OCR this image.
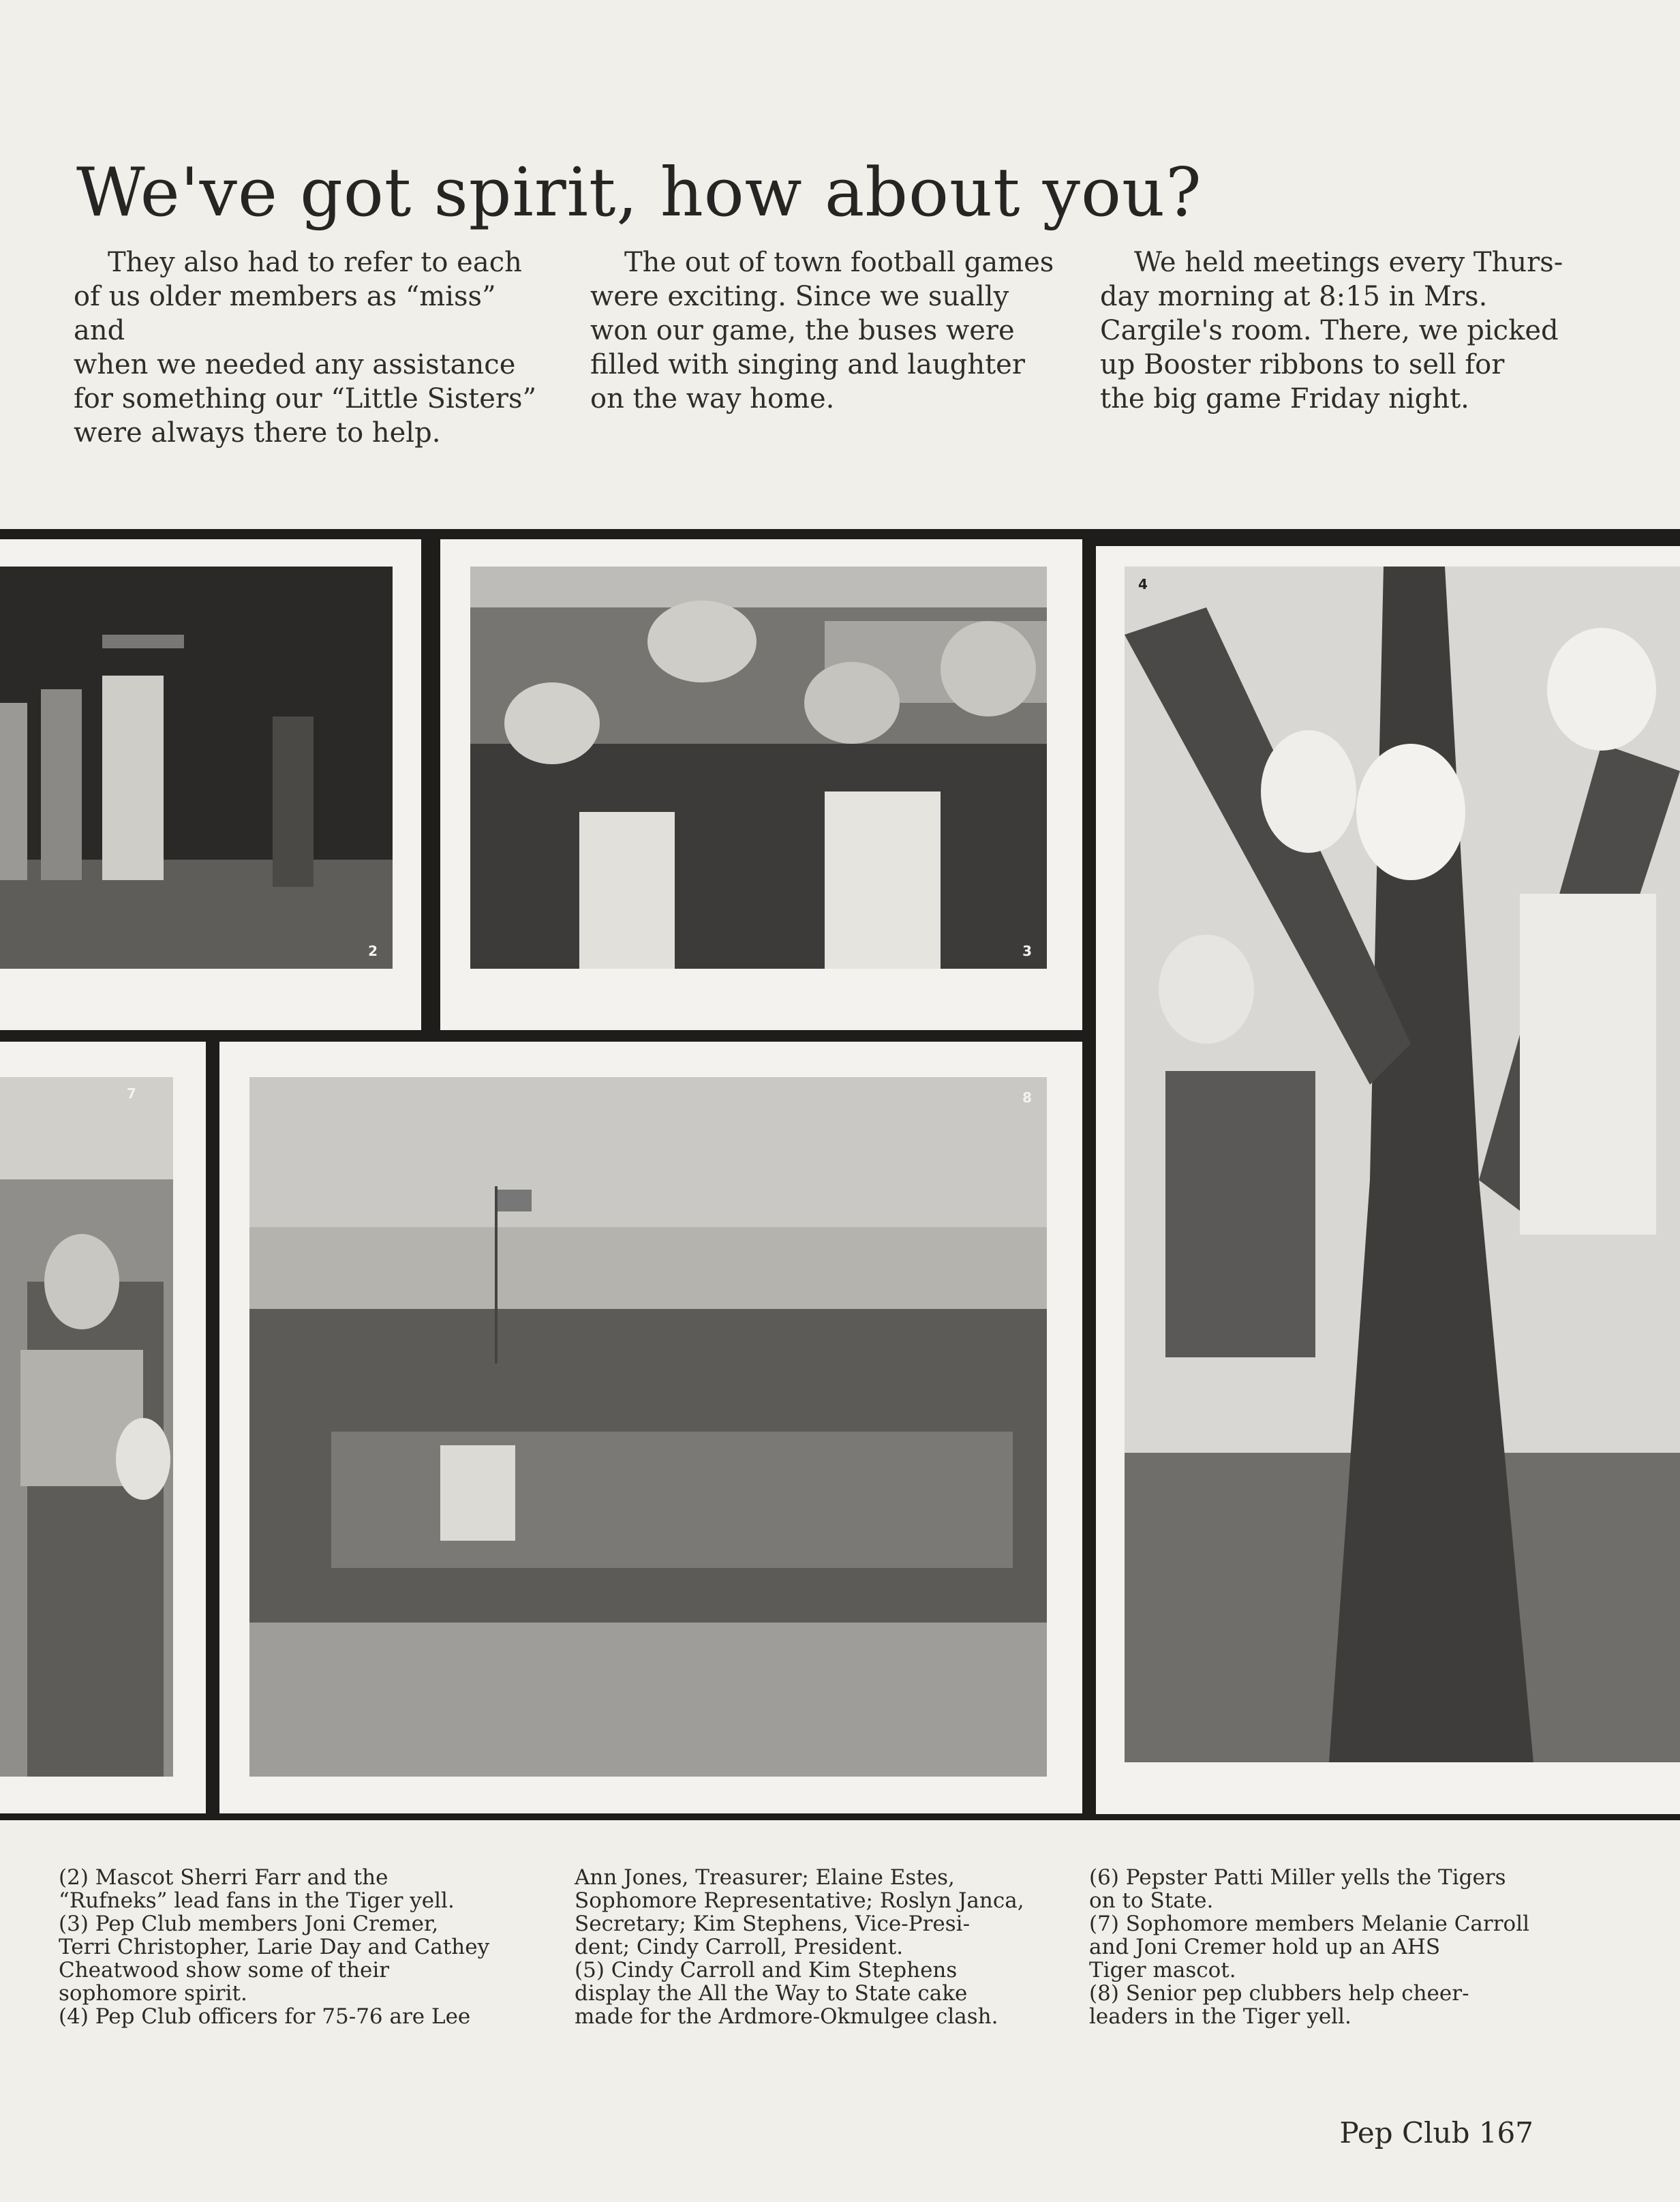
We've got spirit, how about you?

They also had to refer to each

of us older members as “miss” and
when we needed any assistance
for something our “Little Sisters”
were always there to help.

The out of town football games

were exciting. Since we sually
won our game, the buses were
filled with singing and laughter
on the way home.

We held meetings every Thurs-

day morning at 8:15 in Mrs.
Cargile's room. There, we picked
up Booster ribbons to sell for
the big game Friday night.
2	3
4
7	8
(2) Mascot Sherri Farr and the
“Rufneks” lead fans in the Tiger yell.
(3) Pep Club members Joni Cremer,
Terri Christopher, Larie Day and Cathey
Cheatwood show some of their
sophomore spirit.
(4) Pep Club officers for 75-76 are Lee
Ann Jones, Treasurer; Elaine Estes,
Sophomore Representative; Roslyn Janca,
Secretary; Kim Stephens, Vice-Presi-
dent; Cindy Carroll, President.
(5) Cindy Carroll and Kim Stephens
display the All the Way to State cake
made for the Ardmore-Okmulgee clash.
(6) Pepster Patti Miller yells the Tigers
on to State.
(7) Sophomore members Melanie Carroll
and Joni Cremer hold up an AHS
Tiger mascot.
(8) Senior pep clubbers help cheer-
leaders in the Tiger yell.
Pep Club 167
